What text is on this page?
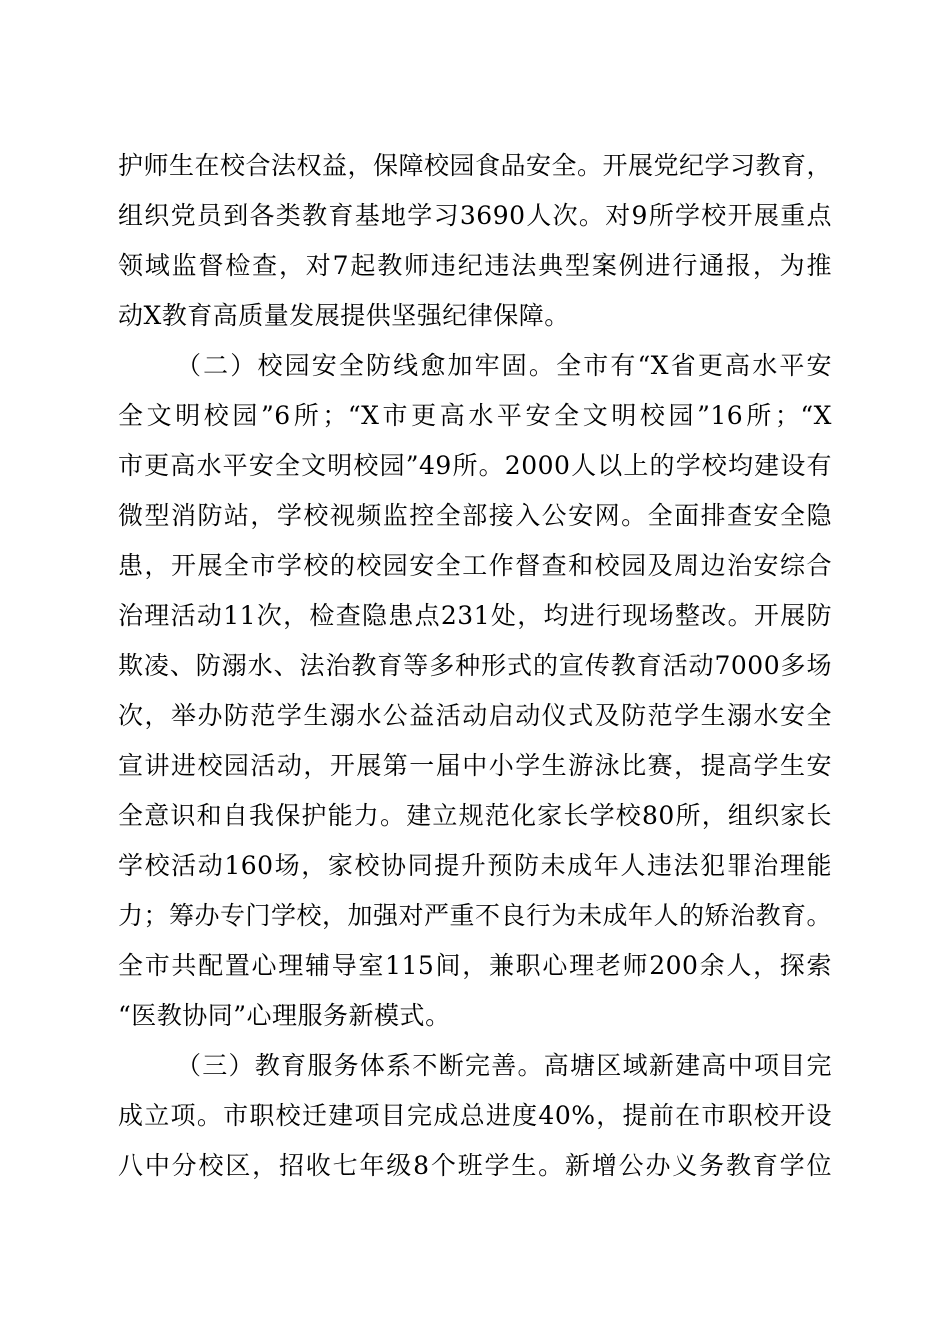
护师生在校合法权益，保障校园食品安全。开展党纪学习教育，
组织党员到各类教育基地学习3690人次。对9所学校开展重点
领域监督检查，对7起教师违纪违法典型案例进行通报，为推
动X教育高质量发展提供坚强纪律保障。
（二）校园安全防线愈加牢固。全市有“X省更高水平安
全文明校园”6所；“X市更高水平安全文明校园”16所；“X
市更高水平安全文明校园”49所。2000人以上的学校均建设有
微型消防站，学校视频监控全部接入公安网。全面排查安全隐
患，开展全市学校的校园安全工作督查和校园及周边治安综合
治理活动11次，检查隐患点231处，均进行现场整改。开展防
欺凌、防溺水、法治教育等多种形式的宣传教育活动7000多场
次，举办防范学生溺水公益活动启动仪式及防范学生溺水安全
宣讲进校园活动，开展第一届中小学生游泳比赛，提高学生安
全意识和自我保护能力。建立规范化家长学校80所，组织家长
学校活动160场，家校协同提升预防未成年人违法犯罪治理能
力；筹办专门学校，加强对严重不良行为未成年人的矫治教育。
全市共配置心理辅导室115间，兼职心理老师200余人，探索
“医教协同”心理服务新模式。
（三）教育服务体系不断完善。高塘区域新建高中项目完
成立项。市职校迁建项目完成总进度40%，提前在市职校开设
八中分校区，招收七年级8个班学生。新增公办义务教育学位
